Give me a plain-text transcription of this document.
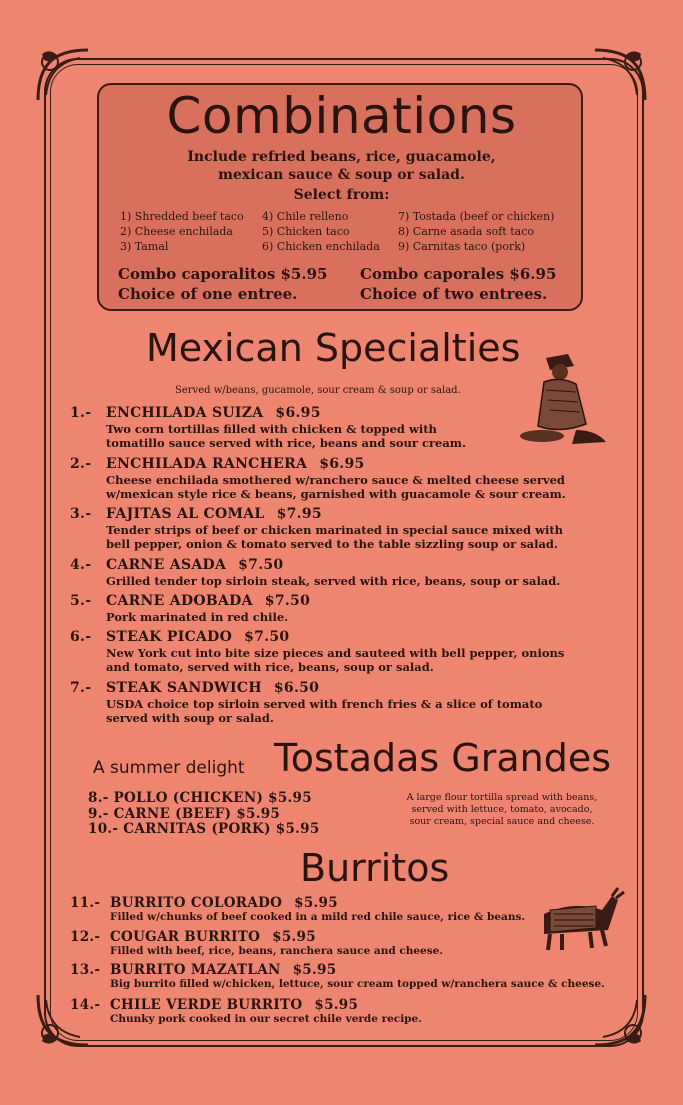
Combinations
Include refried beans, rice, guacamole,
mexican sauce & soup or salad.
Select from:
1) Shredded beef taco
2) Cheese enchilada
3) Tamal
4) Chile relleno
5) Chicken taco
6) Chicken enchilada
7) Tostada (beef or chicken)
8) Carne asada soft taco
9) Carnitas taco (pork)
Combo caporalitos $5.95
Choice of one entree.
Combo caporales $6.95
Choice of two entrees.
Mexican Specialties
Served w/beans, gucamole, sour cream & soup or salad.
1.- ENCHILADA SUIZA $6.95
Two corn tortillas filled with chicken & topped with
tomatillo sauce served with rice, beans and sour cream.
2.- ENCHILADA RANCHERA $6.95
Cheese enchilada smothered w/ranchero sauce & melted cheese served
w/mexican style rice & beans, garnished with guacamole & sour cream.
3.- FAJITAS AL COMAL $7.95
Tender strips of beef or chicken marinated in special sauce mixed with
bell pepper, onion & tomato served to the table sizzling soup or salad.
4.- CARNE ASADA $7.50
Grilled tender top sirloin steak, served with rice, beans, soup or salad.
5.- CARNE ADOBADA $7.50
Pork marinated in red chile.
6.- STEAK PICADO $7.50
New York cut into bite size pieces and sauteed with bell pepper, onions
and tomato, served with rice, beans, soup or salad.
7.- STEAK SANDWICH $6.50
USDA choice top sirloin served with french fries & a slice of tomato
served with soup or salad.
A summer delight Tostadas Grandes
8.- POLLO (CHICKEN) $5.95
9.- CARNE (BEEF) $5.95
10.- CARNITAS (PORK) $5.95
A large flour tortilla spread with beans,
served with lettuce, tomato, avocado,
sour cream, special sauce and cheese.
Burritos
11.- BURRITO COLORADO $5.95
Filled w/chunks of beef cooked in a mild red chile sauce, rice & beans.
12.- COUGAR BURRITO $5.95
Filled with beef, rice, beans, ranchera sauce and cheese.
13.- BURRITO MAZATLAN $5.95
Big burrito filled w/chicken, lettuce, sour cream topped w/ranchera sauce & cheese.
14.- CHILE VERDE BURRITO $5.95
Chunky pork cooked in our secret chile verde recipe.
